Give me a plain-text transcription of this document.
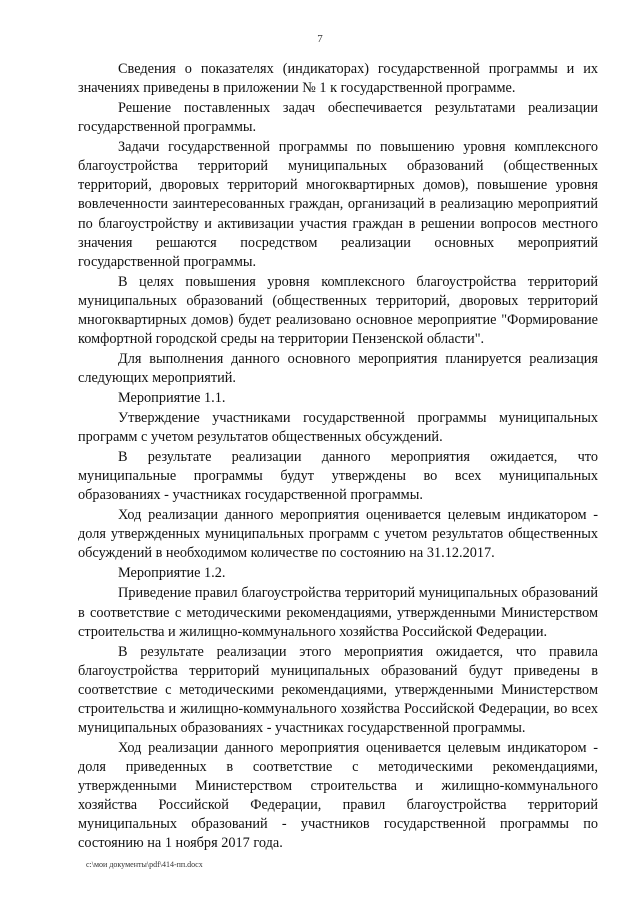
7

Сведения о показателях (индикаторах) государственной программы и их значениях приведены в приложении № 1 к государственной программе.

Решение поставленных задач обеспечивается результатами реализации государственной программы.

Задачи государственной программы по повышению уровня комплексного благоустройства территорий муниципальных образований (общественных территорий, дворовых территорий многоквартирных домов), повышение уровня вовлеченности заинтересованных граждан, организаций в реализацию мероприятий по благоустройству и активизации участия граждан в решении вопросов местного значения решаются посредством реализации основных мероприятий государственной программы.

В целях повышения уровня комплексного благоустройства территорий муниципальных образований (общественных территорий, дворовых территорий многоквартирных домов) будет реализовано основное мероприятие "Формирование комфортной городской среды на территории Пензенской области".

Для выполнения данного основного мероприятия планируется реализация следующих мероприятий.

Мероприятие 1.1.

Утверждение участниками государственной программы муниципальных программ с учетом результатов общественных обсуждений.

В результате реализации данного мероприятия ожидается, что муниципальные программы будут утверждены во всех муниципальных образованиях - участниках государственной программы.

Ход реализации данного мероприятия оценивается целевым индикатором - доля утвержденных муниципальных программ с учетом результатов общественных обсуждений в необходимом количестве по состоянию на 31.12.2017.

Мероприятие 1.2.

Приведение правил благоустройства территорий муниципальных образований в соответствие с методическими рекомендациями, утвержденными Министерством строительства и жилищно-коммунального хозяйства Российской Федерации.

В результате реализации этого мероприятия ожидается, что правила благоустройства территорий муниципальных образований будут приведены в соответствие с методическими рекомендациями, утвержденными Министерством строительства и жилищно-коммунального хозяйства Российской Федерации, во всех муниципальных образованиях - участниках государственной программы.

Ход реализации данного мероприятия оценивается целевым индикатором - доля приведенных в соответствие с методическими рекомендациями, утвержденными Министерством строительства и жилищно-коммунального хозяйства Российской Федерации, правил благоустройства территорий муниципальных образований - участников государственной программы по состоянию на 1 ноября 2017 года.

c:\мои документы\pdf\414-пп.docx
